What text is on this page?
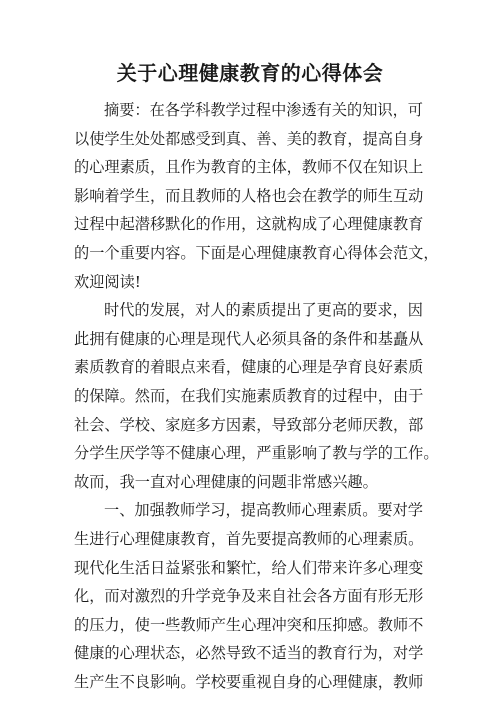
关于心理健康教育的心得体会
摘要：在各学科教学过程中渗透有关的知识，可
以使学生处处都感受到真、善、美的教育，提高自身
的心理素质，且作为教育的主体，教师不仅在知识上
影响着学生，而且教师的人格也会在教学的师生互动
过程中起潜移默化的作用，这就构成了心理健康教育
的一个重要内容。下面是心理健康教育心得体会范文，
欢迎阅读!
时代的发展，对人的素质提出了更高的要求，因
此拥有健康的心理是现代人必须具备的条件和基矗从
素质教育的着眼点来看，健康的心理是孕育良好素质
的保障。然而，在我们实施素质教育的过程中，由于
社会、学校、家庭多方因素，导致部分老师厌教，部
分学生厌学等不健康心理，严重影响了教与学的工作。
故而，我一直对心理健康的问题非常感兴趣。
一、加强教师学习，提高教师心理素质。要对学
生进行心理健康教育，首先要提高教师的心理素质。
现代化生活日益紧张和繁忙，给人们带来许多心理变
化，而对激烈的升学竞争及来自社会各方面有形无形
的压力，使一些教师产生心理冲突和压抑感。教师不
健康的心理状态，必然导致不适当的教育行为，对学
生产生不良影响。学校要重视自身的心理健康，教师
